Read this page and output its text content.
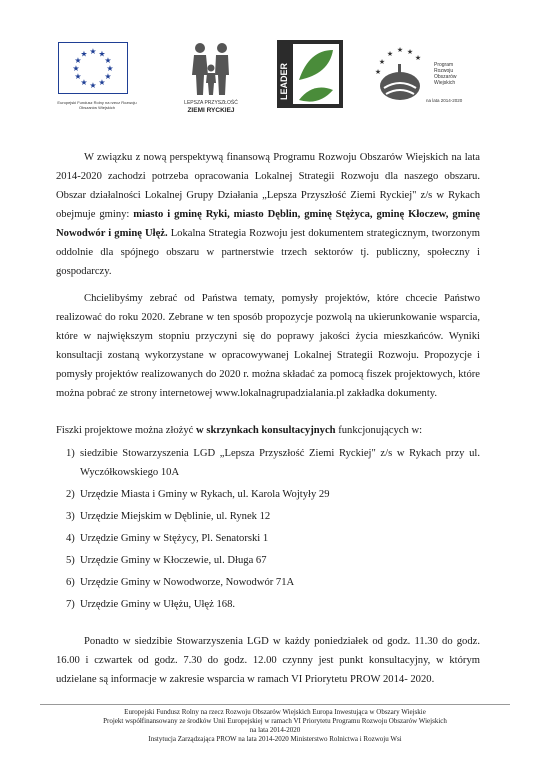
★ ★
★
★
★
★
★
★
★
★
★
★
Europejski Fundusz Rolny na rzecz Rozwoju Obszarów Wiejskich
LEPSZA PRZYSZŁOŚĆ
ZIEMI RYCKIEJ
LEADER	★
★
★ ★ ★
★
Program
Rozwoju
Obszarów
Wiejskich
na lata 2014-2020

W związku z nową perspektywą finansową Programu Rozwoju Obszarów Wiejskich na lata 2014-2020 zachodzi potrzeba opracowania Lokalnej Strategii Rozwoju dla naszego obszaru. Obszar działalności Lokalnej Grupy Działania „Lepsza Przyszłość Ziemi Ryckiej" z/s w Rykach obejmuje gminy: miasto i gminę Ryki, miasto Dęblin, gminę Stężyca, gminę Kłoczew, gminę Nowodwór i gminę Ułęż. Lokalna Strategia Rozwoju jest dokumentem strategicznym, tworzonym oddolnie dla spójnego obszaru w partnerstwie trzech sektorów tj. publiczny, społeczny i gospodarczy.

Chcielibyśmy zebrać od Państwa tematy, pomysły projektów, które chcecie Państwo realizować do roku 2020. Zebrane w ten sposób propozycje pozwolą na ukierunkowanie wsparcia, które w największym stopniu przyczyni się do poprawy jakości życia mieszkańców. Wyniki konsultacji zostaną wykorzystane w opracowywanej Lokalnej Strategii Rozwoju. Propozycje i pomysły projektów realizowanych do 2020 r. można składać za pomocą fiszek projektowych, które można pobrać ze strony internetowej www.lokalnagrupadzialania.pl zakładka dokumenty.

Fiszki projektowe można złożyć w skrzynkach konsultacyjnych funkcjonujących w:

1) siedzibie Stowarzyszenia LGD „Lepsza Przyszłość Ziemi Ryckiej" z/s w Rykach przy ul. Wyczółkowskiego 10A
2) Urzędzie Miasta i Gminy w Rykach, ul. Karola Wojtyły 29
3) Urzędzie Miejskim w Dęblinie, ul. Rynek 12
4) Urzędzie Gminy w Stężycy, Pl. Senatorski 1
5) Urzędzie Gminy w Kłoczewie, ul. Długa 67
6) Urzędzie Gminy w Nowodworze, Nowodwór 71A
7) Urzędzie Gminy w Ułężu, Ułęż 168.

Ponadto w siedzibie Stowarzyszenia LGD w każdy poniedziałek od godz. 11.30 do godz. 16.00 i czwartek od godz. 7.30 do godz. 12.00 czynny jest punkt konsultacyjny, w którym udzielane są informacje w zakresie wsparcia w ramach VI Priorytetu PROW 2014- 2020.

Europejski Fundusz Rolny na rzecz Rozwoju Obszarów Wiejskich Europa Inwestująca w Obszary Wiejskie
Projekt współfinansowany ze środków Unii Europejskiej w ramach VI Priorytetu Programu Rozwoju Obszarów Wiejskich
na lata 2014-2020
Instytucja Zarządzająca PROW na lata 2014-2020 Ministerstwo Rolnictwa i Rozwoju Wsi
